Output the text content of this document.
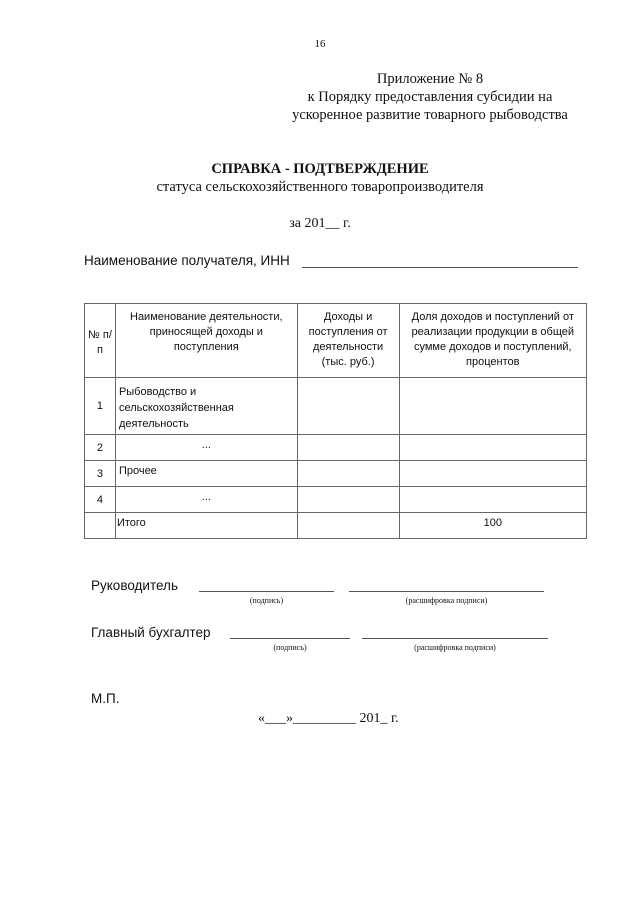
16
Приложение № 8
к Порядку предоставления субсидии на
ускоренное развитие товарного рыбоводства
СПРАВКА - ПОДТВЕРЖДЕНИЕ
статуса сельскохозяйственного товаропроизводителя
за 201__ г.
Наименование получателя, ИНН
№ п/п	Наименование деятельности, приносящей доходы и поступления	Доходы и поступления от деятельности (тыс. руб.)	Доля доходов и поступлений от реализации продукции в общей сумме доходов и поступлений, процентов
1	Рыбоводство и сельскохозяйственная деятельность		
2	...		
3	Прочее		
4	...		
	Итого		100
Руководитель
(подпись)	(расшифровка подписи)
Главный бухгалтер
(подпись)	(расшифровка подписи)
М.П.
«___»_________ 201_ г.
